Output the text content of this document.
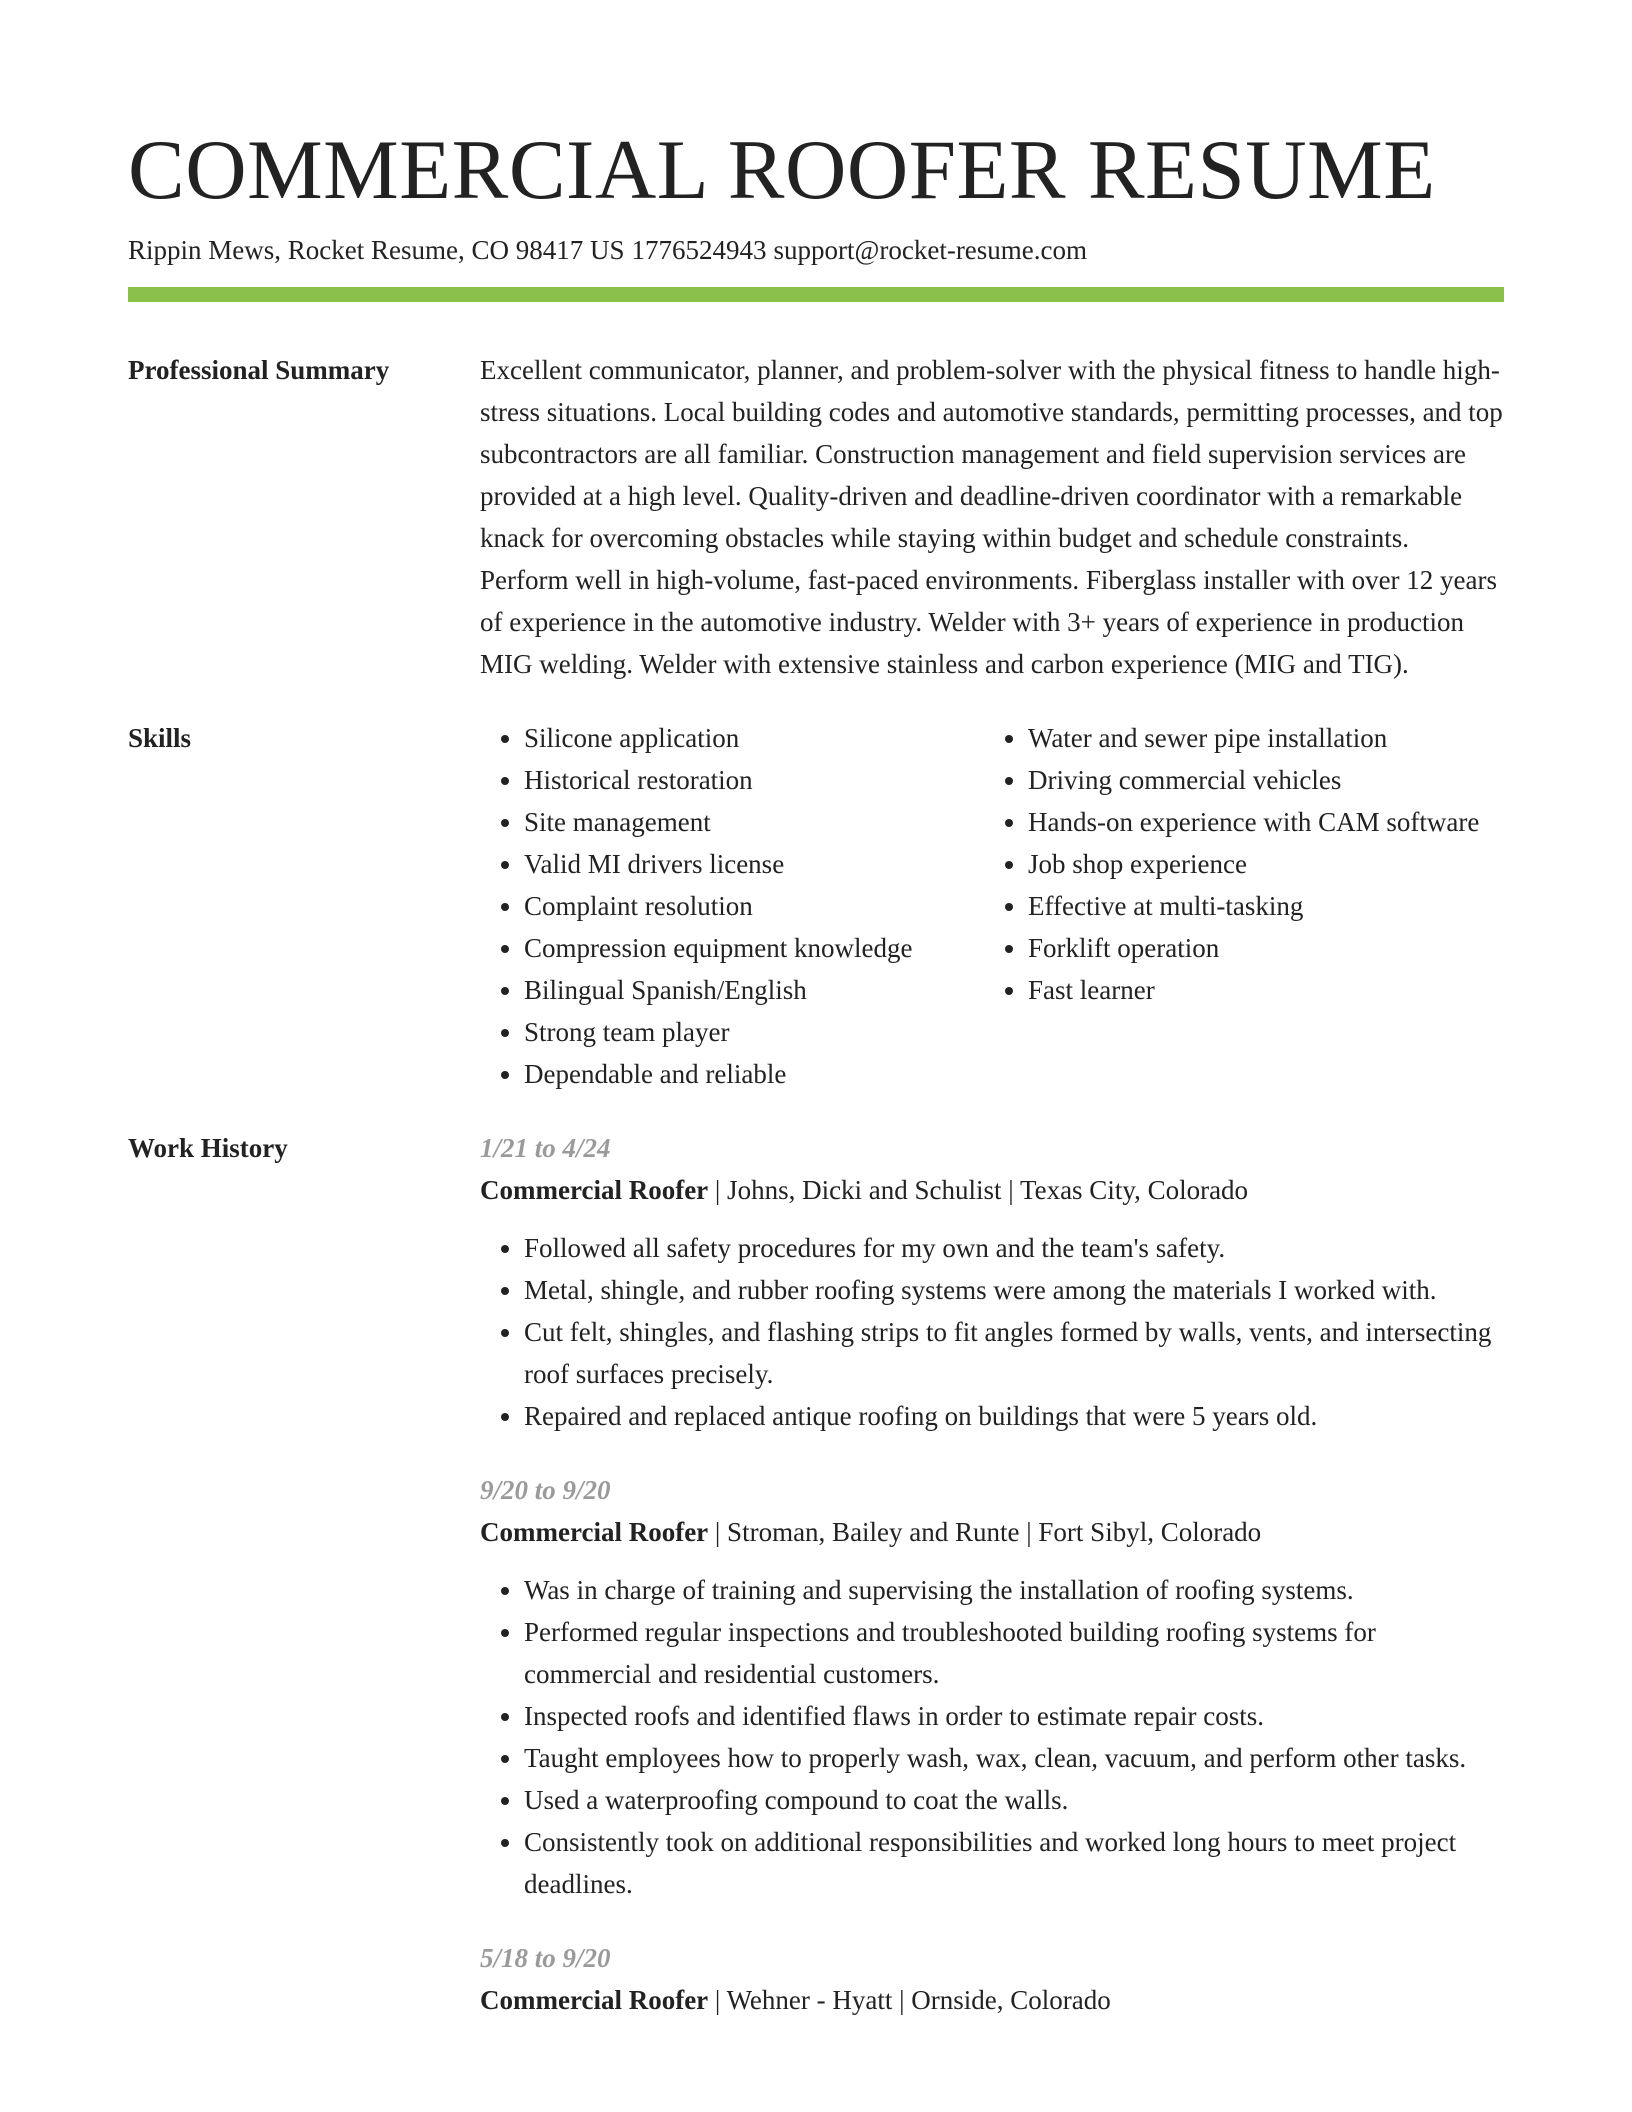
COMMERCIAL ROOFER RESUME
Rippin Mews, Rocket Resume, CO 98417 US 1776524943 support@rocket-resume.com
Professional Summary	Excellent communicator, planner, and problem-solver with the physical fitness to handle high-stress situations. Local building codes and automotive standards, permitting processes, and top subcontractors are all familiar. Construction management and field supervision services are provided at a high level. Quality-driven and deadline-driven coordinator with a remarkable knack for overcoming obstacles while staying within budget and schedule constraints. Perform well in high-volume, fast-paced environments. Fiberglass installer with over 12 years of experience in the automotive industry. Welder with 3+ years of experience in production MIG welding. Welder with extensive stainless and carbon experience (MIG and TIG).
Skills
•	Silicone application
• Historical restoration
• Site management
• Valid MI drivers license
• Complaint resolution
• Compression equipment knowledge
• Bilingual Spanish/English
• Strong team player
• Dependable and reliable
• Water and sewer pipe installation
• Driving commercial vehicles
• Hands-on experience with CAM software
• Job shop experience
• Effective at multi-tasking
• Forklift operation
• Fast learner
Work History	1/21 to 4/24
Commercial Roofer | Johns, Dicki and Schulist | Texas City, Colorado
• Followed all safety procedures for my own and the team's safety.
• Metal, shingle, and rubber roofing systems were among the materials I worked with.
• Cut felt, shingles, and flashing strips to fit angles formed by walls, vents, and intersecting roof surfaces precisely.
• Repaired and replaced antique roofing on buildings that were 5 years old.
9/20 to 9/20
Commercial Roofer | Stroman, Bailey and Runte | Fort Sibyl, Colorado
• Was in charge of training and supervising the installation of roofing systems.
• Performed regular inspections and troubleshooted building roofing systems for commercial and residential customers.
• Inspected roofs and identified flaws in order to estimate repair costs.
• Taught employees how to properly wash, wax, clean, vacuum, and perform other tasks.
• Used a waterproofing compound to coat the walls.
• Consistently took on additional responsibilities and worked long hours to meet project deadlines.
5/18 to 9/20
Commercial Roofer | Wehner - Hyatt | Ornside, Colorado
